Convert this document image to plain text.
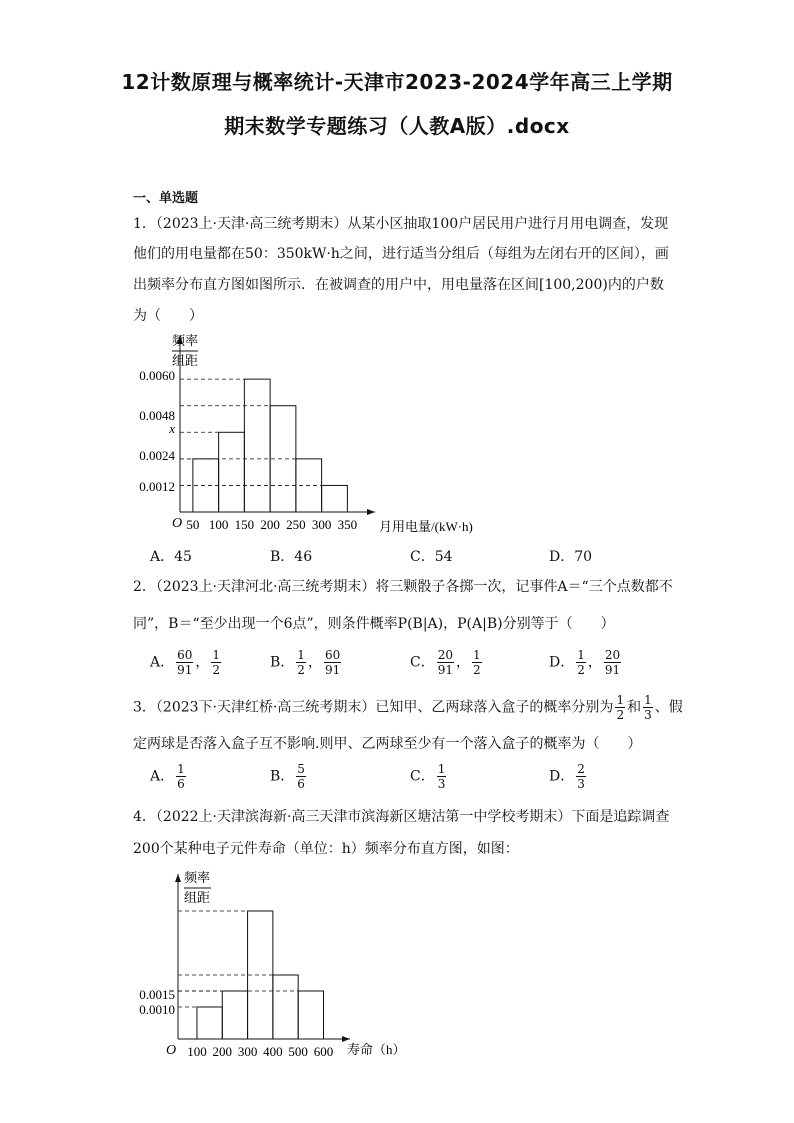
12计数原理与概率统计-天津市2023-2024学年高三上学期
期末数学专题练习（人教A版）.docx
一、单选题
1．（2023上·天津·高三统考期末）从某小区抽取100户居民用户进行月用电调查，发现
他们的用电量都在50：350kW·h之间，进行适当分组后（每组为左闭右开的区间），画
出频率分布直方图如图所示．在被调查的用户中，用电量落在区间[100,200)内的户数
为（　　）
频率
组距
O	月用电量/(kW·h)
0.0060
0.0048
x
0.0024
0.0012
50 100 150 200 250 300 350
A．45	B．46	C．54	D．70
2．（2023上·天津河北·高三统考期末）将三颗骰子各掷一次，记事件A＝“三个点数都不
同”，B＝“至少出现一个6点”，则条件概率P(B|A)，P(A|B)分别等于（　　）
A． $\frac{60}{91}$ ， $\frac{1}{2}$	B． $\frac{1}{2}$ ， $\frac{60}{91}$	C． $\frac{20}{91}$ ， $\frac{1}{2}$	D． $\frac{1}{2}$ ， $\frac{20}{91}$
3．（2023下·天津红桥·高三统考期末）已知甲、乙两球落入盒子的概率分别为 $\frac{1}{2}$ 和 $\frac{1}{3}$ 、假
定两球是否落入盒子互不影响.则甲、乙两球至少有一个落入盒子的概率为（　　）
A． $\frac{1}{6}$	B． $\frac{5}{6}$	C． $\frac{1}{3}$	D． $\frac{2}{3}$
4．（2022上·天津滨海新·高三天津市滨海新区塘沽第一中学校考期末）下面是追踪调查
200个某种电子元件寿命（单位：h）频率分布直方图，如图：
频率
组距
O	寿命（h）
0.0015
0.0010
100 200 300 400 500 600
